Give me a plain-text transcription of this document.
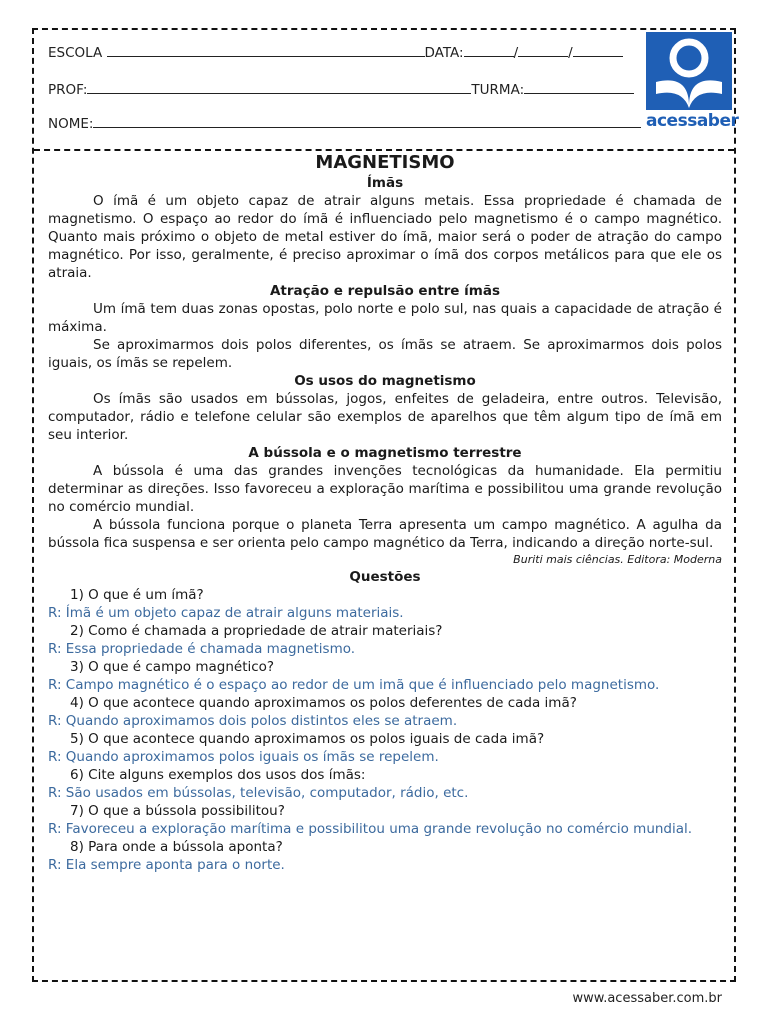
ESCOLA	DATA:	/	/
PROF:	TURMA:
NOME:	acessaber
MAGNETISMO
Ímãs

O ímã é um objeto capaz de atrair alguns metais. Essa propriedade é chamada de magnetismo. O espaço ao redor do ímã é influenciado pelo magnetismo é o campo magnético. Quanto mais próximo o objeto de metal estiver do ímã, maior será o poder de atração do campo magnético. Por isso, geralmente, é preciso aproximar o ímã dos corpos metálicos para que ele os atraia.

Atração e repulsão entre ímãs

Um ímã tem duas zonas opostas, polo norte e polo sul, nas quais a capacidade de atração é máxima.

Se aproximarmos dois polos diferentes, os ímãs se atraem. Se aproximarmos dois polos iguais, os ímãs se repelem.

Os usos do magnetismo

Os ímãs são usados em bússolas, jogos, enfeites de geladeira, entre outros. Televisão, computador, rádio e telefone celular são exemplos de aparelhos que têm algum tipo de ímã em seu interior.

A bússola e o magnetismo terrestre

A bússola é uma das grandes invenções tecnológicas da humanidade. Ela permitiu determinar as direções. Isso favoreceu a exploração marítima e possibilitou uma grande revolução no comércio mundial.

A bússola funciona porque o planeta Terra apresenta um campo magnético. A agulha da bússola fica suspensa e ser orienta pelo campo magnético da Terra, indicando a direção norte-sul.

Buriti mais ciências. Editora: Moderna
Questões
1) O que é um ímã?
R: Ímã é um objeto capaz de atrair alguns materiais.
2) Como é chamada a propriedade de atrair materiais?
R: Essa propriedade é chamada magnetismo.
3) O que é campo magnético?
R: Campo magnético é o espaço ao redor de um imã que é influenciado pelo magnetismo.
4) O que acontece quando aproximamos os polos deferentes de cada imã?
R: Quando aproximamos dois polos distintos eles se atraem.
5) O que acontece quando aproximamos os polos iguais de cada imã?
R: Quando aproximamos polos iguais os ímãs se repelem.
6) Cite alguns exemplos dos usos dos ímãs:
R: São usados em bússolas, televisão, computador, rádio, etc.
7) O que a bússola possibilitou?
R: Favoreceu a exploração marítima e possibilitou uma grande revolução no comércio mundial.
8) Para onde a bússola aponta?
R: Ela sempre aponta para o norte.
www.acessaber.com.br
